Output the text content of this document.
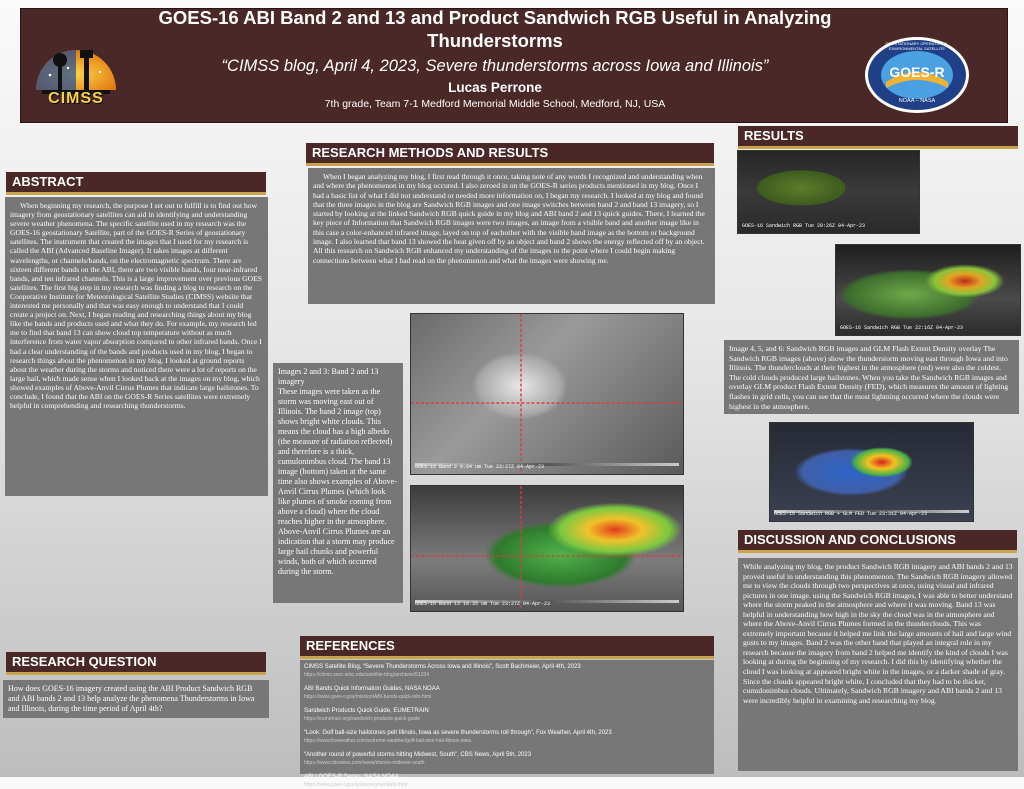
CIMSS
GOES-R
NOAA – NASA
GEOSTATIONARY OPERATIONAL ENVIRONMENTAL SATELLITE
GOES-16 ABI Band 2 and 13 and Product Sandwich RGB Useful in Analyzing Thunderstorms
“CIMSS blog, April 4, 2023, Severe thunderstorms across Iowa and Illinois”
Lucas Perrone
7th grade, Team 7-1 Medford Memorial Middle School, Medford, NJ, USA
ABSTRACT
When beginning my research, the purpose I set out to fulfill is to find out how imagery from geostationary satellites can aid in identifying and understanding severe weather phenomena. The specific satellite used in my research was the GOES-16 geostationary Satellite, part of the GOES-R Series of geostationary satellites. The instrument that created the images that I used for my research is called the ABI (Advanced Baseline Imager). It takes images at different wavelengths, or channels/bands, on the electromagnetic spectrum. There are sixteen different bands on the ABI, there are two visible bands, four near-infrared bands, and ten infrared channels. This is a large improvement over previous GOES satellites. The first big step in my research was finding a blog to research on the Cooperative Institute for Meteorological Satellite Studies (CIMSS) website that interested me personally and that was easy enough to understand that I could create a project on. Next, I began reading and researching things about my blog like the bands and products used and what they do. For example, my research led me to find that band 13 can show cloud top temperature without as much interference from water vapor absorption compared to other infrared bands. Once I had a clear understanding of the bands and products used in my blog, I began to research things about the phenomenon in my blog. I looked at ground reports about the weather during the storms and noticed there were a lot of reports on the large hail, which made sense when I looked back at the images on my blog, which showed examples of Above-Anvil Cirrus Plumes that indicate large hailstones. To conclude, I found that the ABI on the GOES-R Series satellites were extremely helpful in comprehending and researching thunderstorms.
RESEARCH QUESTION
How does GOES-16 imagery created using the ABI Product Sandwich RGB and ABI bands 2 and 13 help analyze the phenomena Thunderstorms in Iowa and Illinois, during the time period of April 4th?
RESEARCH METHODS AND RESULTS
When I began analyzing my blog, I first read through it once, taking note of any words I recognized and understanding when and where the phenomenon in my blog occured. I also zeroed in on the GOES-R series products mentioned in my blog. Once I had a basic list of what I did not understand or needed more information on, I began my research. I looked at my blog and found that the three images in the blog are Sandwich RGB images and one image switches between band 2 and band 13 imagery, so I started by looking at the linked Sandwich RGB quick guide in my blog and ABI band 2 and 13 quick guides. There, I learned the key piece of Information that Sandwich RGB images were two images, an image from a visible band and another image like in this case a color-enhanced infrared image, layed on top of eachother with the visible band image as the bottom or background image. I also learned that band 13 showed the heat given off by an object and band 2 shows the energy reflected off by an object. All this research on Sandwich RGB enhanced my understanding of the images to the point where I could begin making connections between what I had read on the phenomenon and what the images were showing me.
Images 2 and 3: Band 2 and 13 imagery
These images were taken as the storm was moving east out of Illinois. The band 2 image (top) shows bright white clouds. This means the cloud has a high albedo (the measure of radiation reflected) and therefore is a thick, cumulonimbus cloud. The band 13 image (bottom) taken at the same time also shows examples of Above-Anvil Cirrus Plumes (which look like plumes of smoke coming from above a cloud) where the cloud reaches higher in the atmosphere. Above-Anvil Cirrus Plumes are an indication that a storm may produce large hail chunks and powerful winds, both of which occurred during the storm.
GOES-16 Band 2 0.64 um Tue 23:27Z 04-Apr-23
GOES-16 Band 13 10.35 um Tue 23:27Z 04-Apr-23
RESULTS
GOES-16 Sandwich RGB Tue 20:26Z 04-Apr-23
GOES-16 Sandwich RGB Tue 22:16Z 04-Apr-23
Image 4, 5, and 6: Sandwich RGB images and GLM Flash Extent Density overlay The Sandwich RGB images (above) show the thunderstorm moving east through Iowa and into Illinois. The thunderclouds at their highest in the atmosphere (red) were also the coldest. The cold clouds produced large hailstones. When you take the Sandwich RGB images and overlay GLM product Flash Extent Density (FED), which measures the amount of lighting flashes in grid cells, you can see that the most lightning occurred where the clouds were highest in the atmosphere.
GOES-16 Sandwich RGB + GLM FED Tue 23:31Z 04-Apr-23
DISCUSSION AND CONCLUSIONS
While analyzing my blog, the product Sandwich RGB imagery and ABI bands 2 and 13 proved useful in understanding this phenomenon. The Sandwich RGB imagery allowed me to view the clouds through two perspectives at once, using visual and infrared pictures in one image. using the Sandwich RGB images, I was able to better understand where the storm peaked in the atmosphere and where it was moving. Band 13 was helpful in understanding how high in the sky the cloud was in the atmosphere and where the Above-Anvil Cirrus Plumes formed in the thunderclouds. This was extremely important because it helped me link the large amounts of hail and large wind gusts to my images. Band 2 was the other band that played an integral role in my research because the imagery from band 2 helped me identify the kind of clouds I was looking at during the beginning of my research. I did this by identifying whether the cloud I was looking at appeared bright white in the images, or a darker shade of gray. Since the clouds appeared bright white, I concluded that they had to be thicker, cumulonimbus clouds. Ultimately, Sandwich RGB imagery and ABI bands 2 and 13 were incredibly helpful in examining and researching my blog.
REFERENCES
CIMSS Satellite Blog, “Severe Thunderstorms Across Iowa and Illinois”, Scott Bachmeier, April 4th, 2023
https://cimss.ssec.wisc.edu/satellite-blog/archives/51234
ABI Bands Quick Information Guides, NASA NOAA
https://www.goes-r.gov/mission/ABI-bands-quick-info.html
Sandwich Products Quick Guide, EUMETRAIN
https://eumetrain.org/sandwich-products-quick-guide
“Look: Golf ball-size hailstones pelt Illinois, Iowa as severe thunderstorms roll through”, Fox Weather, April 4th, 2023
https://www.foxweather.com/extreme-weather/golf-ball-size-hail-illinois-iowa
“Another round of powerful storms hitting Midwest, South”, CBS News, April 5th, 2023
https://www.cbsnews.com/news/storms-midwest-south
ABI | GOES-R Series, NASA NOAA
https://www.goes-r.gov/spacesegment/abi.html
